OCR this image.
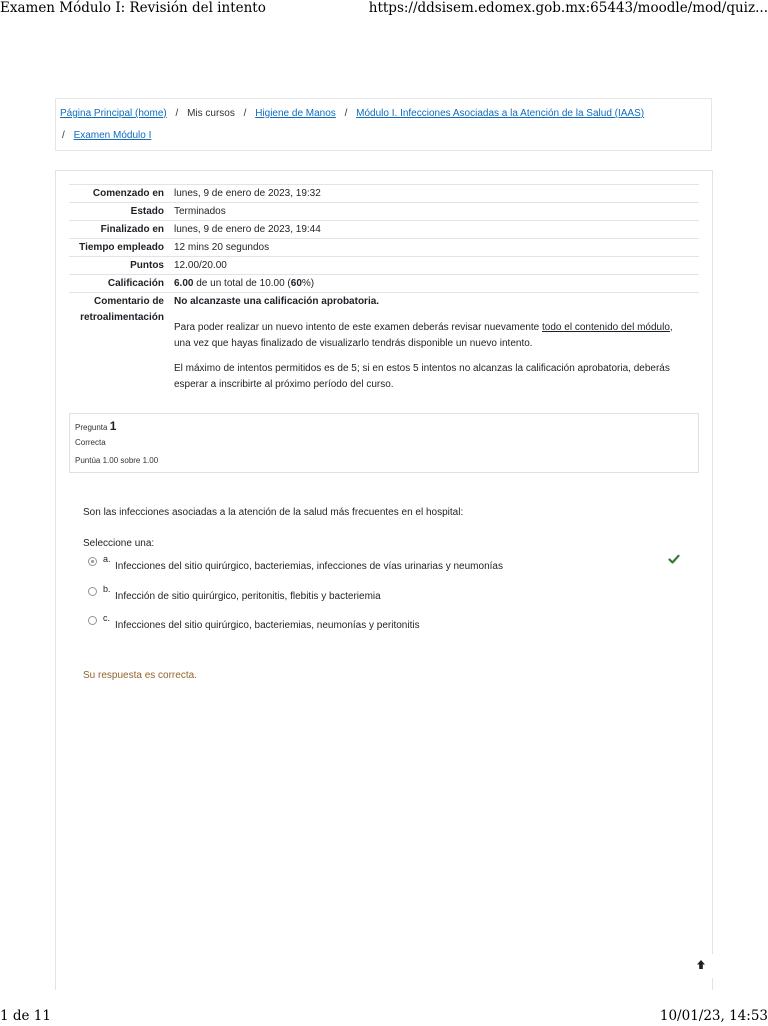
Examen Módulo I: Revisión del intento	https://ddsisem.edomex.gob.mx:65443/moodle/mod/quiz...
Página Principal (home) / Mis cursos / Higiene de Manos / Módulo I. Infecciones Asociadas a la Atención de la Salud (IAAS)
/ Examen Módulo I
Comenzado en lunes, 9 de enero de 2023, 19:32
Estado Terminados
Finalizado en lunes, 9 de enero de 2023, 19:44
Tiempo empleado 12 mins 20 segundos
Puntos 12.00/20.00
Calificación 6.00 de un total de 10.00 (60%)
Comentario de
retroalimentación
No alcanzaste una calificación aprobatoria.

Para poder realizar un nuevo intento de este examen deberás revisar nuevamente todo el contenido del módulo, una vez que hayas finalizado de visualizarlo tendrás disponible un nuevo intento.

El máximo de intentos permitidos es de 5; si en estos 5 intentos no alcanzas la calificación aprobatoria, deberás esperar a inscribirte al próximo período del curso.

Pregunta 1
Correcta
Puntúa 1.00 sobre 1.00
Son las infecciones asociadas a la atención de la salud más frecuentes en el hospital:
Seleccione una:
a.
Infecciones del sitio quirúrgico, bacteriemias, infecciones de vías urinarias y neumonías
b.
Infección de sitio quirúrgico, peritonitis, flebitis y bacteriemia
c.
Infecciones del sitio quirúrgico, bacteriemias, neumonías y peritonitis
Su respuesta es correcta.
1 de 11	10/01/23, 14:53
